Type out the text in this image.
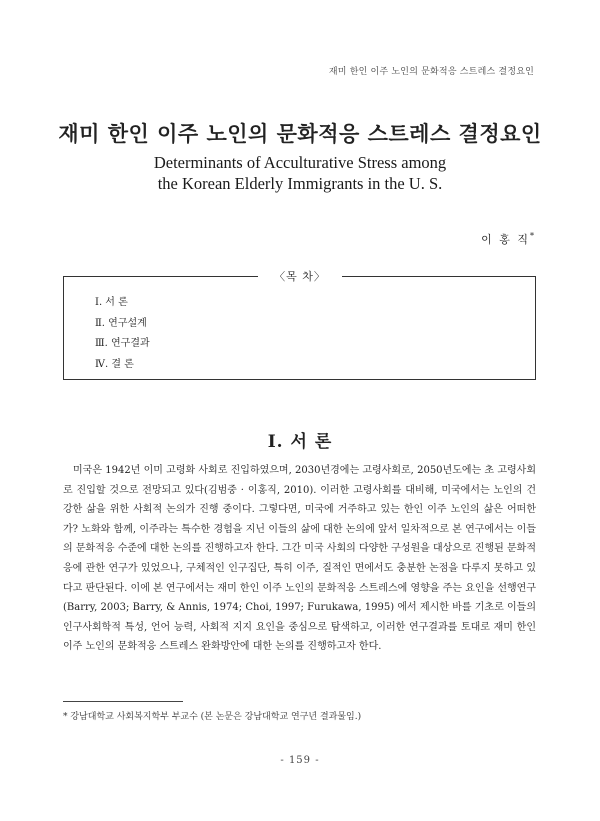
재미 한인 이주 노인의 문화적응 스트레스 결정요인
재미 한인 이주 노인의 문화적응 스트레스 결정요인
Determinants of Acculturative Stress among
the Korean Elderly Immigrants in the U. S.
이 홍 직*
〈목 차〉
Ⅰ. 서 론
Ⅱ. 연구설계
Ⅲ. 연구결과
Ⅳ. 결 론
Ⅰ. 서 론

미국은 1942년 이미 고령화 사회로 진입하였으며, 2030년경에는 고령사회로, 2050년도에는 초 고령사회로 진입할 것으로 전망되고 있다(김범중 · 이홍직, 2010). 이러한 고령사회를 대비해, 미국에서는 노인의 건강한 삶을 위한 사회적 논의가 진행 중이다. 그렇다면, 미국에 거주하고 있는 한인 이주 노인의 삶은 어떠한가? 노화와 함께, 이주라는 특수한 경험을 지닌 이들의 삶에 대한 논의에 앞서 일차적으로 본 연구에서는 이들의 문화적응 수준에 대한 논의를 진행하고자 한다. 그간 미국 사회의 다양한 구성원을 대상으로 진행된 문화적응에 관한 연구가 있었으나, 구체적인 인구집단, 특히 이주, 질적인 면에서도 충분한 논점을 다루지 못하고 있다고 판단된다. 이에 본 연구에서는 재미 한인 이주 노인의 문화적응 스트레스에 영향을 주는 요인을 선행연구(Barry, 2003; Barry, & Annis, 1974; Choi, 1997; Furukawa, 1995) 에서 제시한 바를 기초로 이들의 인구사회학적 특성, 언어 능력, 사회적 지지 요인을 중심으로 탐색하고, 이러한 연구결과를 토대로 재미 한인 이주 노인의 문화적응 스트레스 완화방안에 대한 논의를 진행하고자 한다.

* 강남대학교 사회복지학부 부교수 (본 논문은 강남대학교 연구년 결과물임.)
- 159 -
